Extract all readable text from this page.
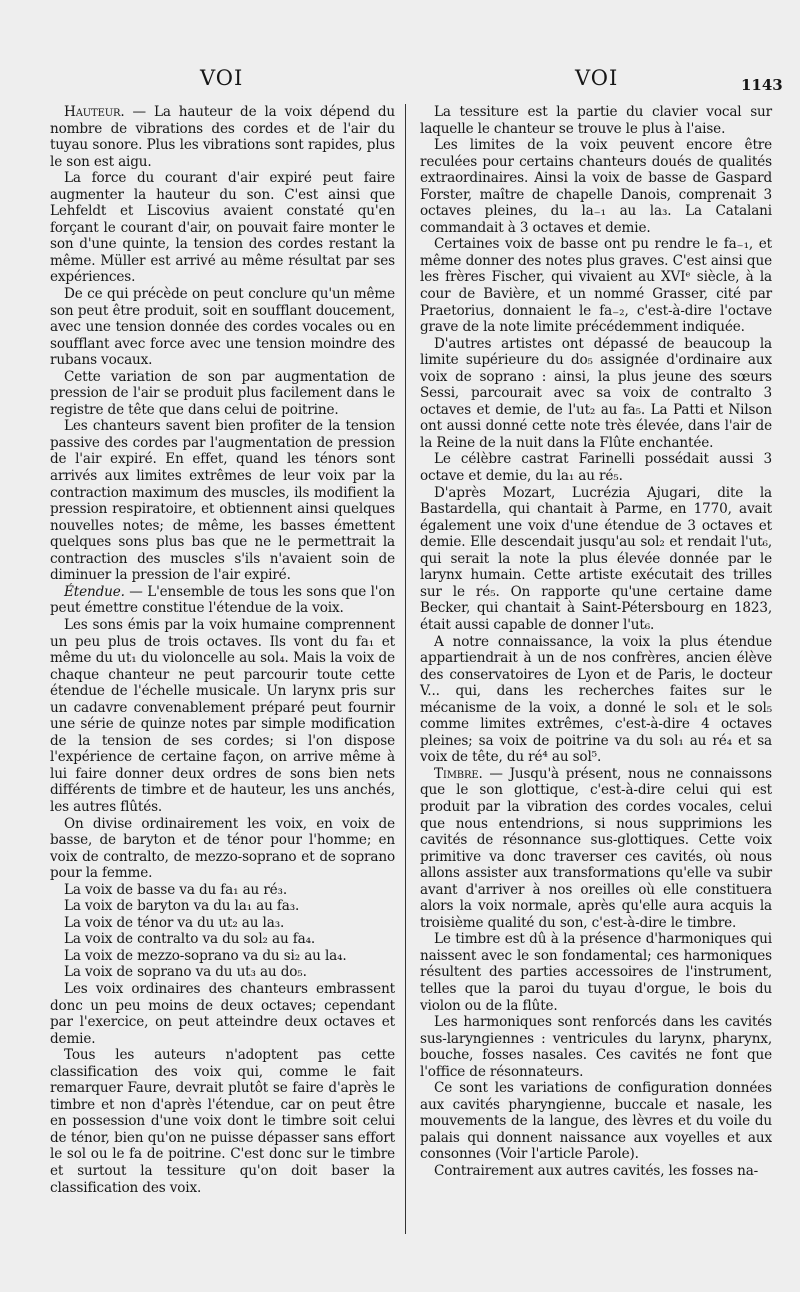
VOI	VOI	1143

Hauteur. — La hauteur de la voix dépend du nombre de vibrations des cordes et de l'air du tuyau sonore. Plus les vibrations sont rapides, plus le son est aigu.

La force du courant d'air expiré peut faire augmenter la hauteur du son. C'est ainsi que Lehfeldt et Liscovius avaient constaté qu'en forçant le courant d'air, on pouvait faire monter le son d'une quinte, la tension des cordes restant la même. Müller est arrivé au même résultat par ses expériences.

De ce qui précède on peut conclure qu'un même son peut être produit, soit en soufflant doucement, avec une tension donnée des cordes vocales ou en soufflant avec force avec une tension moindre des rubans vocaux.

Cette variation de son par augmentation de pression de l'air se produit plus facilement dans le registre de tête que dans celui de poitrine.

Les chanteurs savent bien profiter de la tension passive des cordes par l'augmentation de pression de l'air expiré. En effet, quand les ténors sont arrivés aux limites extrêmes de leur voix par la contraction maximum des muscles, ils modifient la pression respiratoire, et obtiennent ainsi quelques nouvelles notes; de même, les basses émettent quelques sons plus bas que ne le permettrait la contraction des muscles s'ils n'avaient soin de diminuer la pression de l'air expiré.

Étendue. — L'ensemble de tous les sons que l'on peut émettre constitue l'étendue de la voix.

Les sons émis par la voix humaine comprennent un peu plus de trois octaves. Ils vont du fa₁ et même du ut₁ du violoncelle au sol₄. Mais la voix de chaque chanteur ne peut parcourir toute cette étendue de l'échelle musicale. Un larynx pris sur un cadavre convenablement préparé peut fournir une série de quinze notes par simple modification de la tension de ses cordes; si l'on dispose l'expérience de certaine façon, on arrive même à lui faire donner deux ordres de sons bien nets différents de timbre et de hauteur, les uns anchés, les autres flûtés.

On divise ordinairement les voix, en voix de basse, de baryton et de ténor pour l'homme; en voix de contralto, de mezzo-soprano et de soprano pour la femme.

La voix de basse va du fa₁ au ré₃.

La voix de baryton va du la₁ au fa₃.

La voix de ténor va du ut₂ au la₃.

La voix de contralto va du sol₂ au fa₄.

La voix de mezzo-soprano va du si₂ au la₄.

La voix de soprano va du ut₃ au do₅.

Les voix ordinaires des chanteurs embrassent donc un peu moins de deux octaves; cependant par l'exercice, on peut atteindre deux octaves et demie.

Tous les auteurs n'adoptent pas cette classification des voix qui, comme le fait remarquer Faure, devrait plutôt se faire d'après le timbre et non d'après l'étendue, car on peut être en possession d'une voix dont le timbre soit celui de ténor, bien qu'on ne puisse dépasser sans effort le sol ou le fa de poitrine. C'est donc sur le timbre et surtout la tessiture qu'on doit baser la classification des voix.

La tessiture est la partie du clavier vocal sur laquelle le chanteur se trouve le plus à l'aise.

Les limites de la voix peuvent encore être reculées pour certains chanteurs doués de qualités extraordinaires. Ainsi la voix de basse de Gaspard Forster, maître de chapelle Danois, comprenait 3 octaves pleines, du la₋₁ au la₃. La Catalani commandait à 3 octaves et demie.

Certaines voix de basse ont pu rendre le fa₋₁, et même donner des notes plus graves. C'est ainsi que les frères Fischer, qui vivaient au XVIᵉ siècle, à la cour de Bavière, et un nommé Grasser, cité par Praetorius, donnaient le fa₋₂, c'est-à-dire l'octave grave de la note limite précédemment indiquée.

D'autres artistes ont dépassé de beaucoup la limite supérieure du do₅ assignée d'ordinaire aux voix de soprano : ainsi, la plus jeune des sœurs Sessi, parcourait avec sa voix de contralto 3 octaves et demie, de l'ut₂ au fa₅. La Patti et Nilson ont aussi donné cette note très élevée, dans l'air de la Reine de la nuit dans la Flûte enchantée.

Le célèbre castrat Farinelli possédait aussi 3 octave et demie, du la₁ au ré₅.

D'après Mozart, Lucrézia Ajugari, dite la Bastardella, qui chantait à Parme, en 1770, avait également une voix d'une étendue de 3 octaves et demie. Elle descendait jusqu'au sol₂ et rendait l'ut₆, qui serait la note la plus élevée donnée par le larynx humain. Cette artiste exécutait des trilles sur le ré₅. On rapporte qu'une certaine dame Becker, qui chantait à Saint-Pétersbourg en 1823, était aussi capable de donner l'ut₆.

A notre connaissance, la voix la plus étendue appartiendrait à un de nos confrères, ancien élève des conservatoires de Lyon et de Paris, le docteur V... qui, dans les recherches faites sur le mécanisme de la voix, a donné le sol₁ et le sol₅ comme limites extrêmes, c'est-à-dire 4 octaves pleines; sa voix de poitrine va du sol₁ au ré₄ et sa voix de tête, du ré⁴ au sol⁵.

Timbre. — Jusqu'à présent, nous ne connaissons que le son glottique, c'est-à-dire celui qui est produit par la vibration des cordes vocales, celui que nous entendrions, si nous supprimions les cavités de résonnance sus-glottiques. Cette voix primitive va donc traverser ces cavités, où nous allons assister aux transformations qu'elle va subir avant d'arriver à nos oreilles où elle constituera alors la voix normale, après qu'elle aura acquis la troisième qualité du son, c'est-à-dire le timbre.

Le timbre est dû à la présence d'harmoniques qui naissent avec le son fondamental; ces harmoniques résultent des parties accessoires de l'instrument, telles que la paroi du tuyau d'orgue, le bois du violon ou de la flûte.

Les harmoniques sont renforcés dans les cavités sus-laryngiennes : ventricules du larynx, pharynx, bouche, fosses nasales. Ces cavités ne font que l'office de résonnateurs.

Ce sont les variations de configuration données aux cavités pharyngienne, buccale et nasale, les mouvements de la langue, des lèvres et du voile du palais qui donnent naissance aux voyelles et aux consonnes (Voir l'article Parole).

Contrairement aux autres cavités, les fosses na-
